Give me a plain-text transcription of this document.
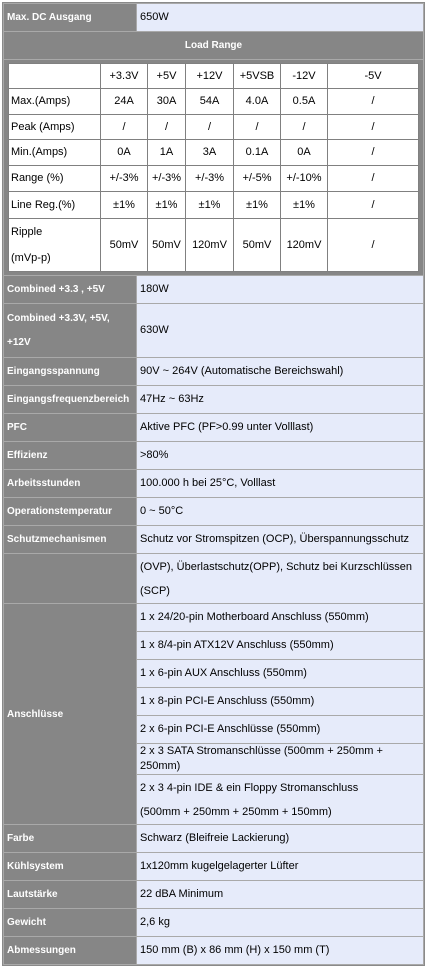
Max. DC Ausgang	650W
Load Range

	+3.3V	+5V	+12V	+5VSB	-12V	-5V
Max.(Amps)	24A	30A	54A	4.0A	0.5A	/
Peak (Amps)	/	/	/	/	/	/
Min.(Amps)	0A	1A	3A	0.1A	0A	/
Range (%)	+/-3%	+/-3%	+/-3%	+/-5%	+/-10%	/
Line Reg.(%)	±1%	±1%	±1%	±1%	±1%	/
Ripple
(mVp-p)	50mV	50mV	120mV	50mV	120mV	/

Combined +3.3 , +5V	180W
Combined +3.3V, +5V,
+12V	630W
Eingangsspannung	90V ~ 264V (Automatische Bereichswahl)
Eingangsfrequenzbereich	47Hz ~ 63Hz
PFC	Aktive PFC (PF>0.99 unter Volllast)
Effizienz	>80%
Arbeitsstunden	100.000 h bei 25°C, Volllast
Operationstemperatur	0 ~ 50°C
Schutzmechanismen	Schutz vor Stromspitzen (OCP), Überspannungsschutz
	(OVP), Überlastschutz(OPP), Schutz bei Kurzschlüssen
(SCP)
Anschlüsse	1 x 24/20-pin Motherboard Anschluss (550mm)
1 x 8/4-pin ATX12V Anschluss (550mm)
1 x 6-pin AUX Anschluss (550mm)
1 x 8-pin PCI-E Anschluss (550mm)
2 x 6-pin PCI-E Anschlüsse (550mm)
2 x 3 SATA Stromanschlüsse (500mm + 250mm + 250mm)
2 x 3 4-pin IDE & ein Floppy Stromanschluss
(500mm + 250mm + 250mm + 150mm)
Farbe	Schwarz (Bleifreie Lackierung)
Kühlsystem	1x120mm kugelgelagerter Lüfter
Lautstärke	22 dBA Minimum
Gewicht	2,6 kg
Abmessungen	150 mm (B) x 86 mm (H) x 150 mm (T)
